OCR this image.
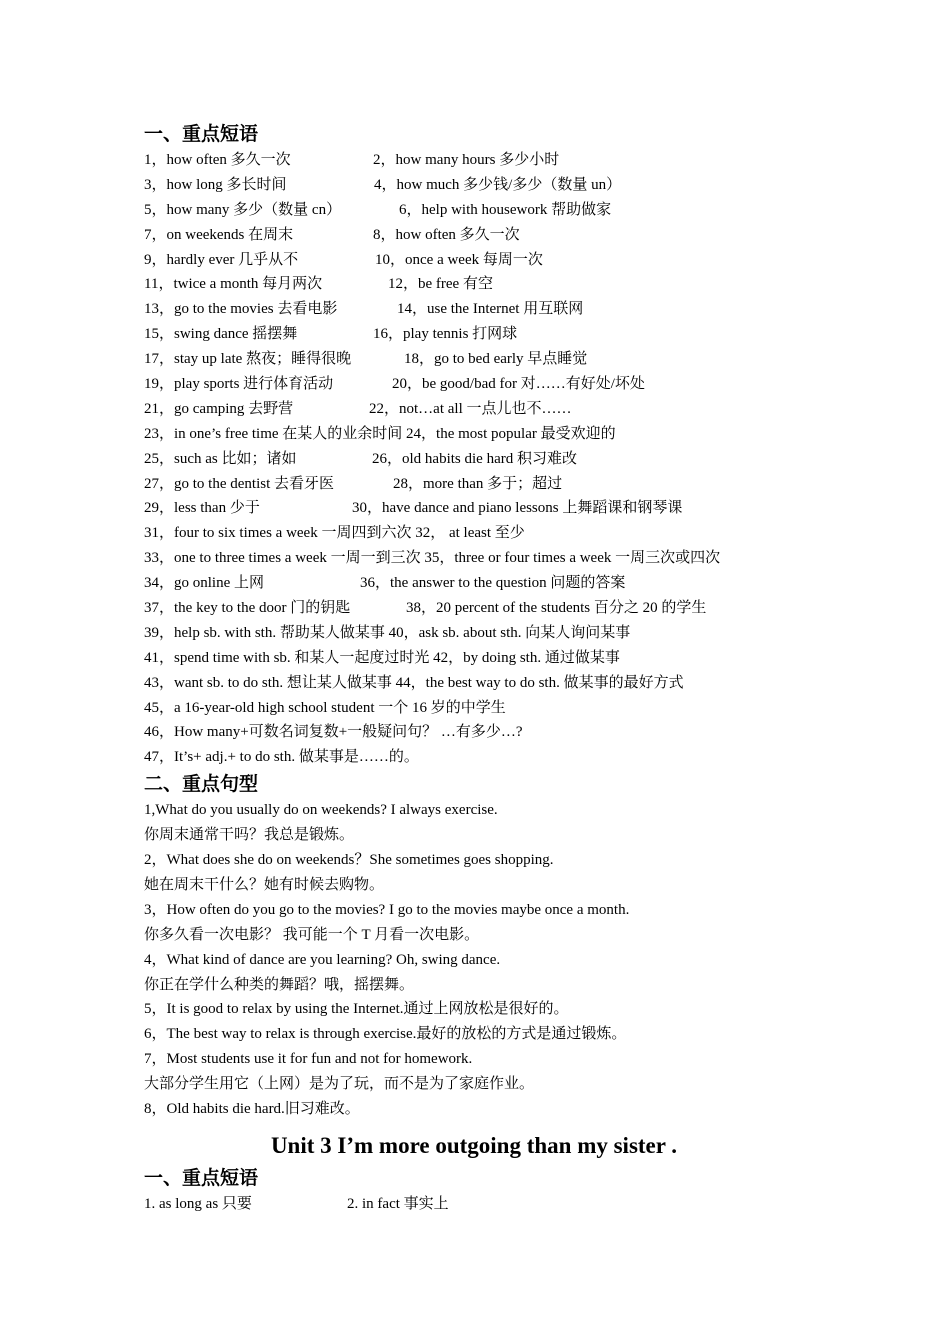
一、重点短语
1，how often 多久一次	2，how many hours 多少小时
3，how long 多长时间	4，how much 多少钱/多少（数量 un）
5，how many 多少（数量 cn）	6，help with housework 帮助做家
7，on weekends 在周末	8，how often 多久一次
9，hardly ever 几乎从不	10，once a week 每周一次
11，twice a month 每月两次	12，be free 有空
13，go to the movies 去看电影	14，use the Internet 用互联网
15，swing dance 摇摆舞	16，play tennis 打网球
17，stay up late 熬夜；睡得很晚	18，go to bed early 早点睡觉
19，play sports 进行体育活动	20，be good/bad for 对……有好处/坏处
21，go camping 去野营	22，not…at all 一点儿也不……
23，in one’s free time 在某人的业余时间 24，the most popular 最受欢迎的
25，such as 比如；诸如	26，old habits die hard 积习难改
27，go to the dentist 去看牙医	28，more than 多于；超过
29，less than 少于	30，have dance and piano lessons 上舞蹈课和钢琴课
31，four to six times a week 一周四到六次 32， at least 至少
33，one to three times a week 一周一到三次 35，three or four times a week 一周三次或四次
34，go online 上网	36，the answer to the question 问题的答案
37，the key to the door 门的钥匙	38，20 percent of the students 百分之 20 的学生
39，help sb. with sth. 帮助某人做某事 40，ask sb. about sth. 向某人询问某事
41，spend time with sb. 和某人一起度过时光 42，by doing sth. 通过做某事
43，want sb. to do sth. 想让某人做某事 44，the best way to do sth. 做某事的最好方式
45，a 16-year-old high school student 一个 16 岁的中学生
46，How many+可数名词复数+一般疑问句？ …有多少…?
47，It’s+ adj.+ to do sth. 做某事是……的。
二、重点句型
1,What do you usually do on weekends? I always exercise.
你周末通常干吗？我总是锻炼。
2，What does she do on weekends？She sometimes goes shopping.
她在周末干什么？她有时候去购物。
3，How often do you go to the movies? I go to the movies maybe once a month.
你多久看一次电影？ 我可能一个 T 月看一次电影。
4，What kind of dance are you learning? Oh, swing dance.
你正在学什么种类的舞蹈？哦，摇摆舞。
5，It is good to relax by using the Internet.通过上网放松是很好的。
6，The best way to relax is through exercise.最好的放松的方式是通过锻炼。
7，Most students use it for fun and not for homework.
大部分学生用它（上网）是为了玩，而不是为了家庭作业。
8，Old habits die hard.旧习难改。
Unit 3 I’m more outgoing than my sister .
一、重点短语
1. as long as 只要	2. in fact 事实上
